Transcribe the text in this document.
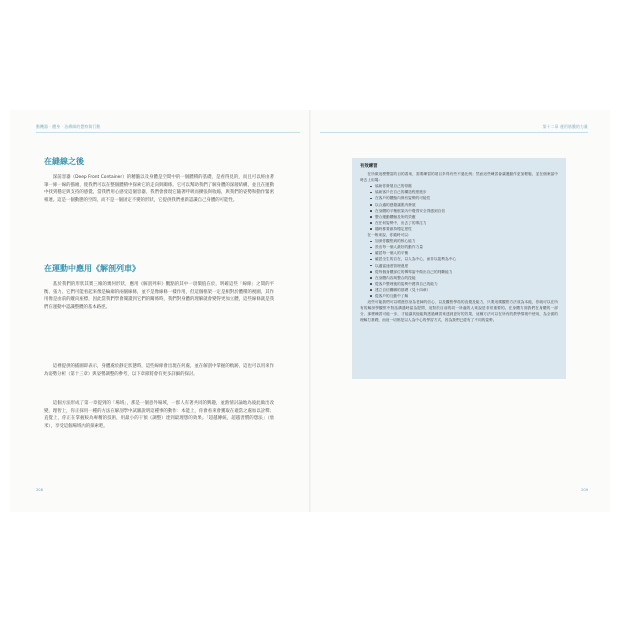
動機器 · 體身 · 治療師的覺察與行動
在縫線之後

深前容器（Deep Front Container）的精髓以及身體是空間中的一個體積的基礎，是看得見的，而且可以經由著筆一條一線的描繪，使我們可以在整個體積中探索它的走向與關係。它可以幫助我們了解身體的深層結構，並且在運動中找到穩定與支持的感覺。當我們用心感受這個容器，我們會發現它隨著呼吸而擴張與收縮，與我們的姿勢和動作緊密相連。這是一個動態的空間，而不是一個固定不變的形狀，它提供我們重新認識自己身體的可能性。

在運動中應用《解剖列車》

基於我們的形狀其實三維的幾何形狀，應用《解剖列車》觀點的其中一項價值在於，明確這些「線條」之間的平衡、張力、它們可能看起來像是輪廓的兩個線條，並不是像線條一樣作用，但這個框架一定是相對於體積的視圖，其作用像是由前的縱向座標，因此當我們學會閱讀到它們的關係時，我們對身體的理解就會變得更加立體，這些線條就是我們在運動中認識整體的基本路徑。

這裡提供的插圖即表示，身體處於靜定狀態時，這些線條會出現在何處，並在解剖中掌握的軌跡，這也可以用來作為姿勢分析（第十三章）與姿勢調整的參考，以下章節將會有更多詳細的探討。

這個方法形成了第一章提到的「場域」，那是一個意外場域，一群人有著共同的興趣，並熱情討論地為彼此做出改變，理智上，你正採用一種的方法在解剖學中試圖說明這種事的動作：本能上，你會看來會獲取在適當之處加以詮釋；直覺上，你正在掌握較為專精的技術，用最小的干預（調整）達到最理想的效果。「超越傳統，超越習慣的想法」（詹米），享受這個場域內的探索吧。

208
第十二章 運用筋膜的力量
有效練習

在所做這麼豐富的目的看來，需要練習的項目多得有些不過比例；然而這些練習會讓運動作更加輕鬆，並在個案當中時去上用場：

協助你發展自己的骨骼
協助客戶在自己的構造程度進步
在客戶的體態內保有姿勢的可能性
以合適的感覺讓肌肉發展
在身體的平衡框架內中覺得安全得感到自信
整合運動體驗及所的效應
在任何姿勢中，出去了的專注力
隨時都要維持穩定度性

在一般來說，你隨時可以：

加深你觀察到的核心能力
設出每一個人最好的動作力量
確認每一個人的平衡
確認全生的自在，以人為中心，而非以姿勢為中心
以適當速度管理進度
從每個身體部位的傳導當中做出自己的判斷能力
在身體內容與整合的技能
從客戶整理後的姿勢中獲得自己的能力
建立自信關聯的基礎（見十四章）
從客戶的互動中了解

這些可能我們可以增進你身為老師的信心，以及觀察學員的直覺及能力，只要這樣觀察方法成為本能，你就可以在所有的解剖學觀察中對話溝通時當為提問，這對於目前的同一所處的人來說是非常重要的。在身體方面我們在身體的一部分，那麼練習可能一步，才能讓其他能夠透過練習來達到更好的效果，這種方法可以在所有的教學情境中使用，為全面的理解打基礎，而這一切都是以人為中心的學習方式，因為我們已經有了不同的姿勢。

209
